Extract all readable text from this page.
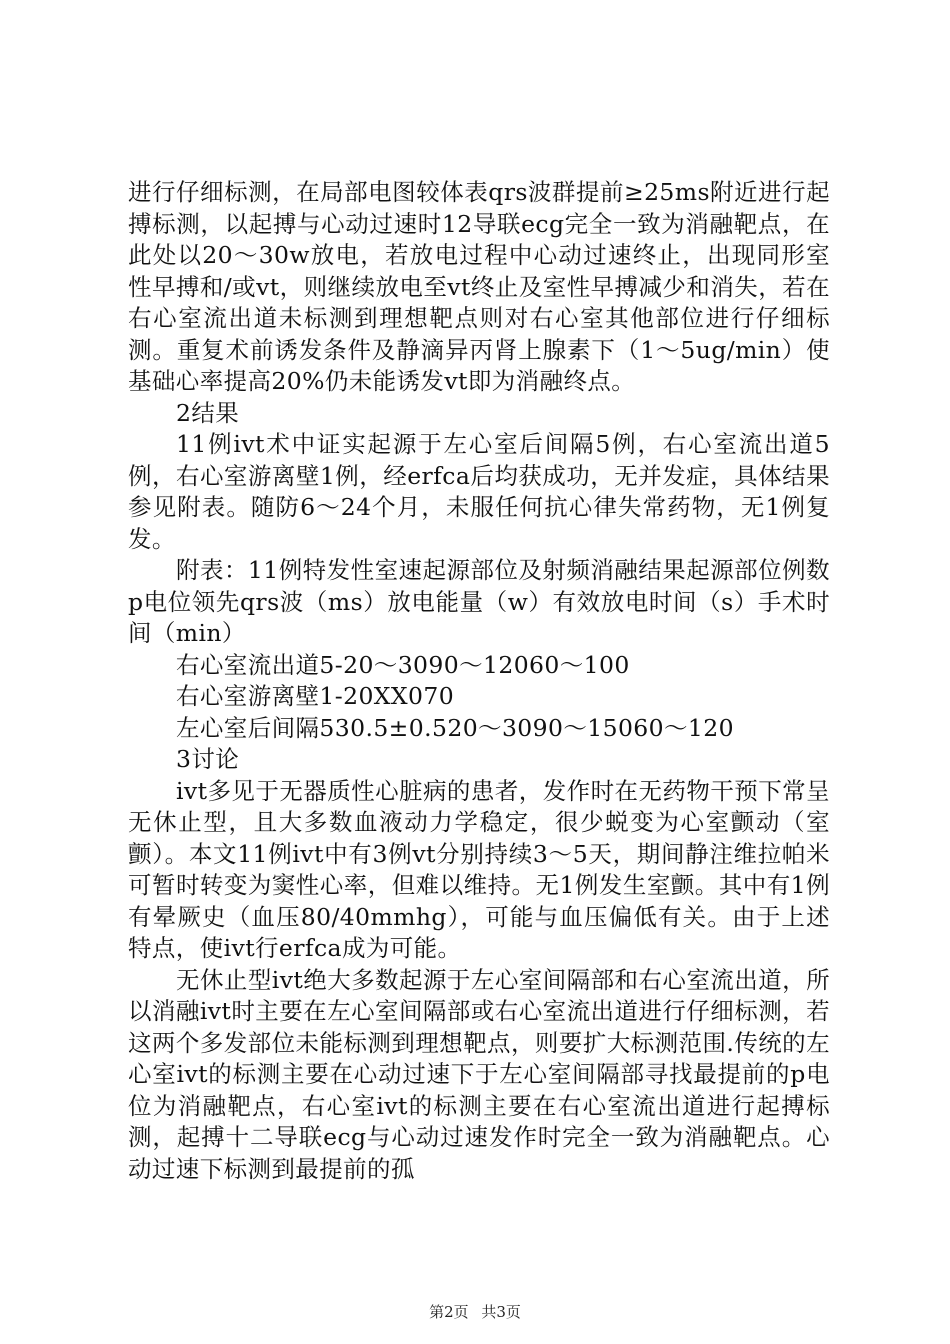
进行仔细标测，在局部电图较体表qrs波群提前≥25ms附近进行起搏标测，以起搏与心动过速时12导联ecg完全一致为消融靶点，在此处以20～30w放电，若放电过程中心动过速终止，出现同形室性早搏和/或vt，则继续放电至vt终止及室性早搏减少和消失，若在右心室流出道未标测到理想靶点则对右心室其他部位进行仔细标测。重复术前诱发条件及静滴异丙肾上腺素下（1～5ug/min）使基础心率提高20%仍未能诱发vt即为消融终点。

2结果

11例ivt术中证实起源于左心室后间隔5例，右心室流出道5例，右心室游离壁1例，经erfca后均获成功，无并发症，具体结果参见附表。随防6～24个月，未服任何抗心律失常药物，无1例复发。

附表：11例特发性室速起源部位及射频消融结果起源部位例数p电位领先qrs波（ms）放电能量（w）有效放电时间（s）手术时间（min）

右心室流出道5-20～3090～12060～100

右心室游离壁1-20XX070

左心室后间隔530.5±0.520～3090～15060～120

3讨论

ivt多见于无器质性心脏病的患者，发作时在无药物干预下常呈无休止型，且大多数血液动力学稳定，很少蜕变为心室颤动（室颤）。本文11例ivt中有3例vt分别持续3～5天，期间静注维拉帕米可暂时转变为窦性心率，但难以维持。无1例发生室颤。其中有1例有晕厥史（血压80/40mmhg），可能与血压偏低有关。由于上述特点，使ivt行erfca成为可能。

无休止型ivt绝大多数起源于左心室间隔部和右心室流出道，所以消融ivt时主要在左心室间隔部或右心室流出道进行仔细标测，若这两个多发部位未能标测到理想靶点，则要扩大标测范围.传统的左心室ivt的标测主要在心动过速下于左心室间隔部寻找最提前的p电位为消融靶点，右心室ivt的标测主要在右心室流出道进行起搏标测，起搏十二导联ecg与心动过速发作时完全一致为消融靶点。心动过速下标测到最提前的孤

第2页 共3页
